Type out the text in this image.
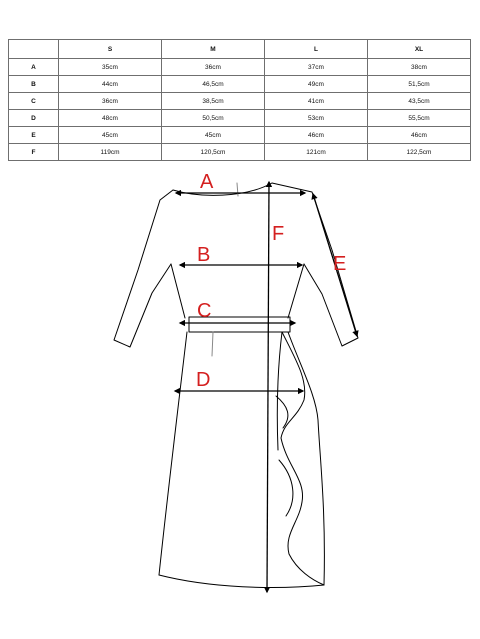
	S	M	L	XL
A	35cm	36cm	37cm	38cm
B	44cm	46,5cm	49cm	51,5cm
C	36cm	38,5cm	41cm	43,5cm
D	48cm	50,5cm	53cm	55,5cm
E	45cm	45cm	46cm	46cm
F	119cm	120,5cm	121cm	122,5cm
A
B
C
D
E
F
